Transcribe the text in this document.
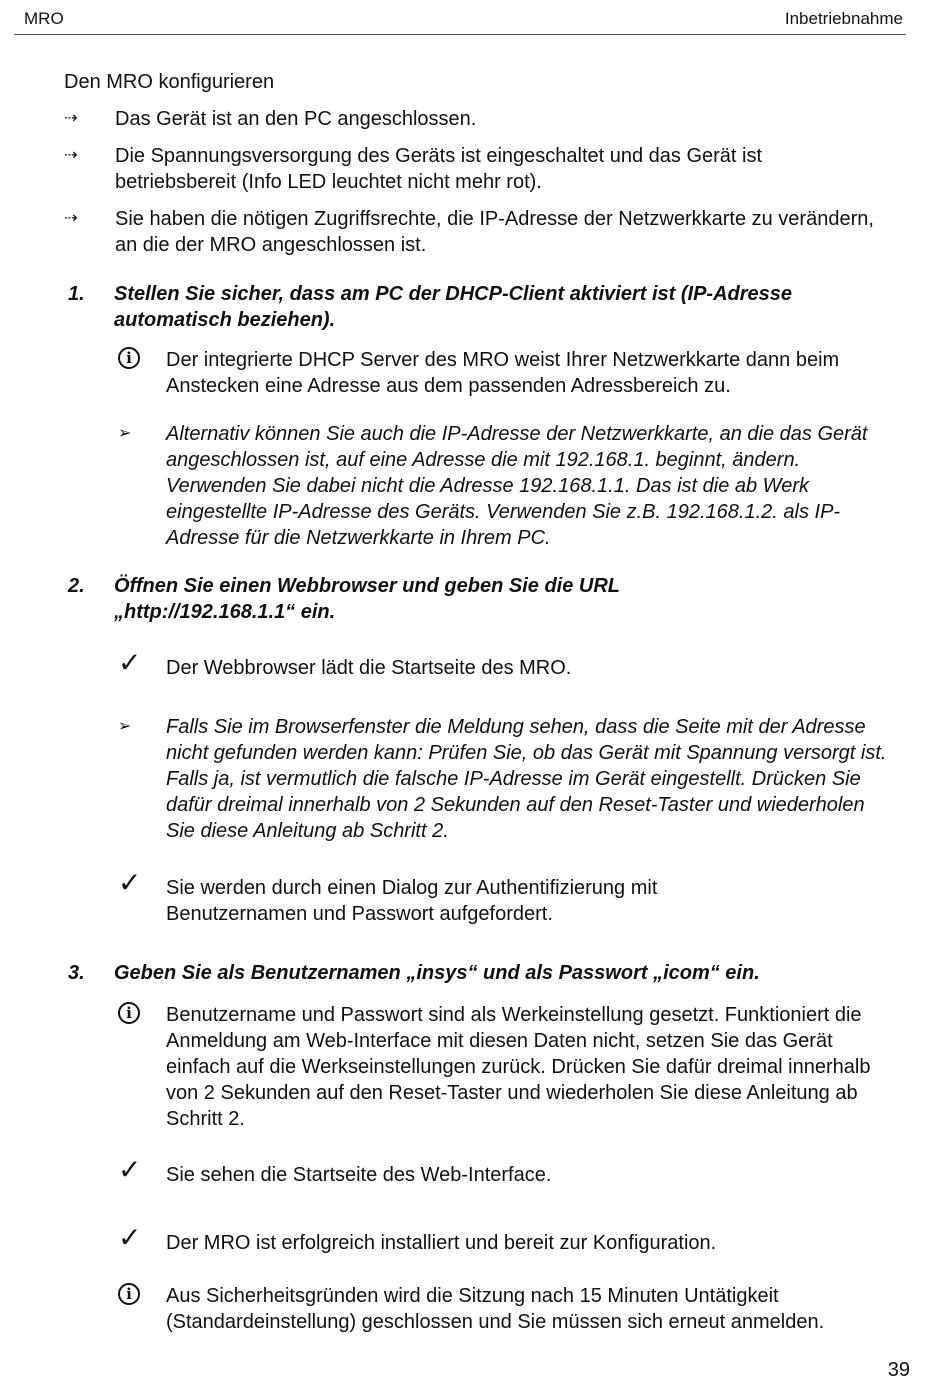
MRO	Inbetriebnahme
Den MRO konfigurieren
⇢	Das Gerät ist an den PC angeschlossen.
⇢	Die Spannungsversorgung des Geräts ist eingeschaltet und das Gerät ist betriebsbereit (Info LED leuchtet nicht mehr rot).
⇢	Sie haben die nötigen Zugriffsrechte, die IP-Adresse der Netzwerkkarte zu verändern, an die der MRO angeschlossen ist.
1. Stellen Sie sicher, dass am PC der DHCP-Client aktiviert ist (IP-Adresse automatisch beziehen).
i	Der integrierte DHCP Server des MRO weist Ihrer Netzwerkkarte dann beim Anstecken eine Adresse aus dem passenden Adressbereich zu.
➢	Alternativ können Sie auch die IP-Adresse der Netzwerkkarte, an die das Gerät angeschlossen ist, auf eine Adresse die mit 192.168.1. beginnt, ändern. Verwenden Sie dabei nicht die Adresse 192.168.1.1. Das ist die ab Werk eingestellte IP-Adresse des Geräts. Verwenden Sie z.B. 192.168.1.2. als IP-Adresse für die Netzwerkkarte in Ihrem PC.
2. Öffnen Sie einen Webbrowser und geben Sie die URL „http://192.168.1.1“ ein.
✓ Der Webbrowser lädt die Startseite des MRO.
➢	Falls Sie im Browserfenster die Meldung sehen, dass die Seite mit der Adresse nicht gefunden werden kann: Prüfen Sie, ob das Gerät mit Spannung versorgt ist. Falls ja, ist vermutlich die falsche IP-Adresse im Gerät eingestellt. Drücken Sie dafür dreimal innerhalb von 2 Sekunden auf den Reset-Taster und wiederholen Sie diese Anleitung ab Schritt 2.
✓ Sie werden durch einen Dialog zur Authentifizierung mit Benutzernamen und Passwort aufgefordert.
3. Geben Sie als Benutzernamen „insys“ und als Passwort „icom“ ein.
i	Benutzername und Passwort sind als Werkeinstellung gesetzt. Funktioniert die Anmeldung am Web-Interface mit diesen Daten nicht, setzen Sie das Gerät einfach auf die Werkseinstellungen zurück. Drücken Sie dafür dreimal innerhalb von 2 Sekunden auf den Reset-Taster und wiederholen Sie diese Anleitung ab Schritt 2.
✓ Sie sehen die Startseite des Web-Interface.
✓ Der MRO ist erfolgreich installiert und bereit zur Konfiguration.
i	Aus Sicherheitsgründen wird die Sitzung nach 15 Minuten Untätigkeit (Standardeinstellung) geschlossen und Sie müssen sich erneut anmelden.
39
